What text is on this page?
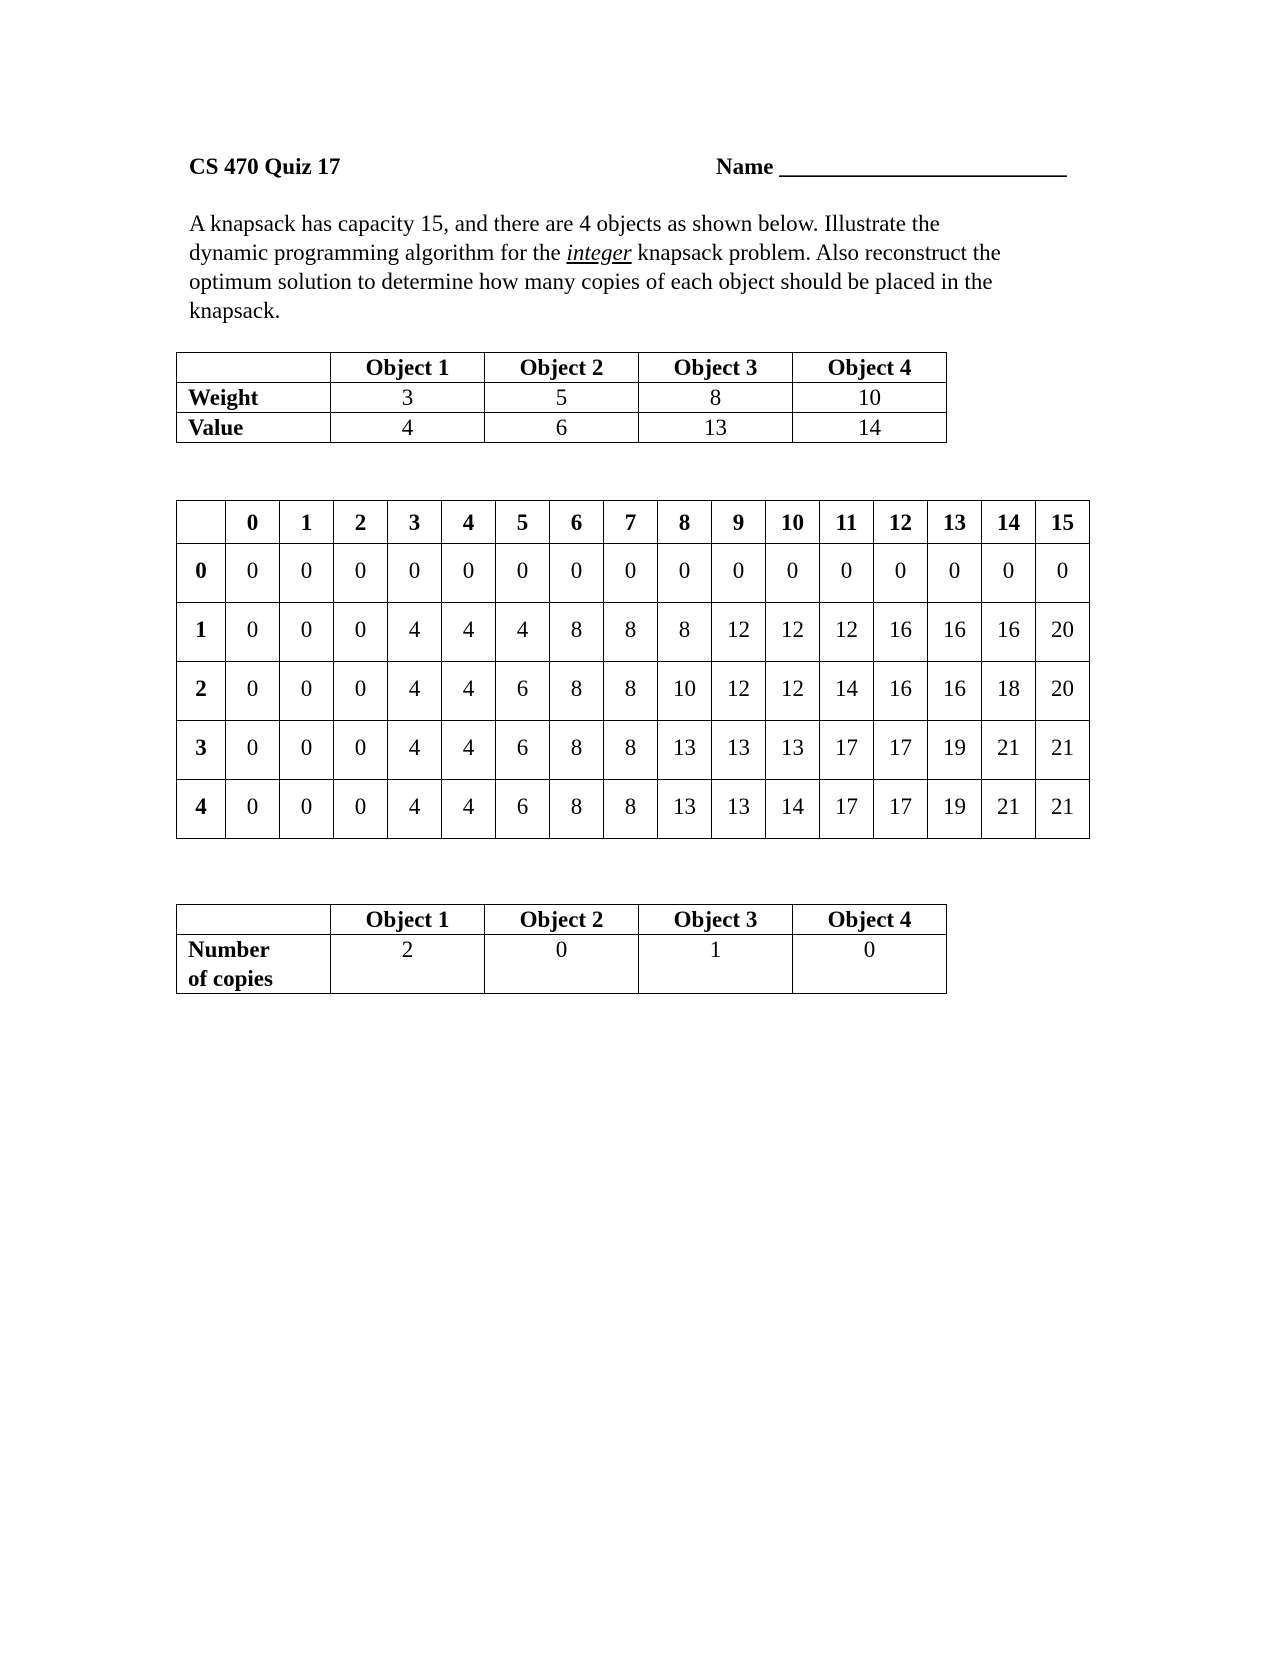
CS 470 Quiz 17	Name _________________________
A knapsack has capacity 15, and there are 4 objects as shown below. Illustrate the
dynamic programming algorithm for the integer knapsack problem. Also reconstruct the
optimum solution to determine how many copies of each object should be placed in the
knapsack.
	Object 1	Object 2	Object 3	Object 4
Weight	3	5	8	10
Value	4	6	13	14
	0	1	2	3	4	5	6	7	8	9	10	11	12	13	14	15
0	0	0	0	0	0	0	0	0	0	0	0	0	0	0	0	0
1	0	0	0	4	4	4	8	8	8	12	12	12	16	16	16	20
2	0	0	0	4	4	6	8	8	10	12	12	14	16	16	18	20
3	0	0	0	4	4	6	8	8	13	13	13	17	17	19	21	21
4	0	0	0	4	4	6	8	8	13	13	14	17	17	19	21	21
	Object 1	Object 2	Object 3	Object 4
Number
of copies	2	0	1	0
